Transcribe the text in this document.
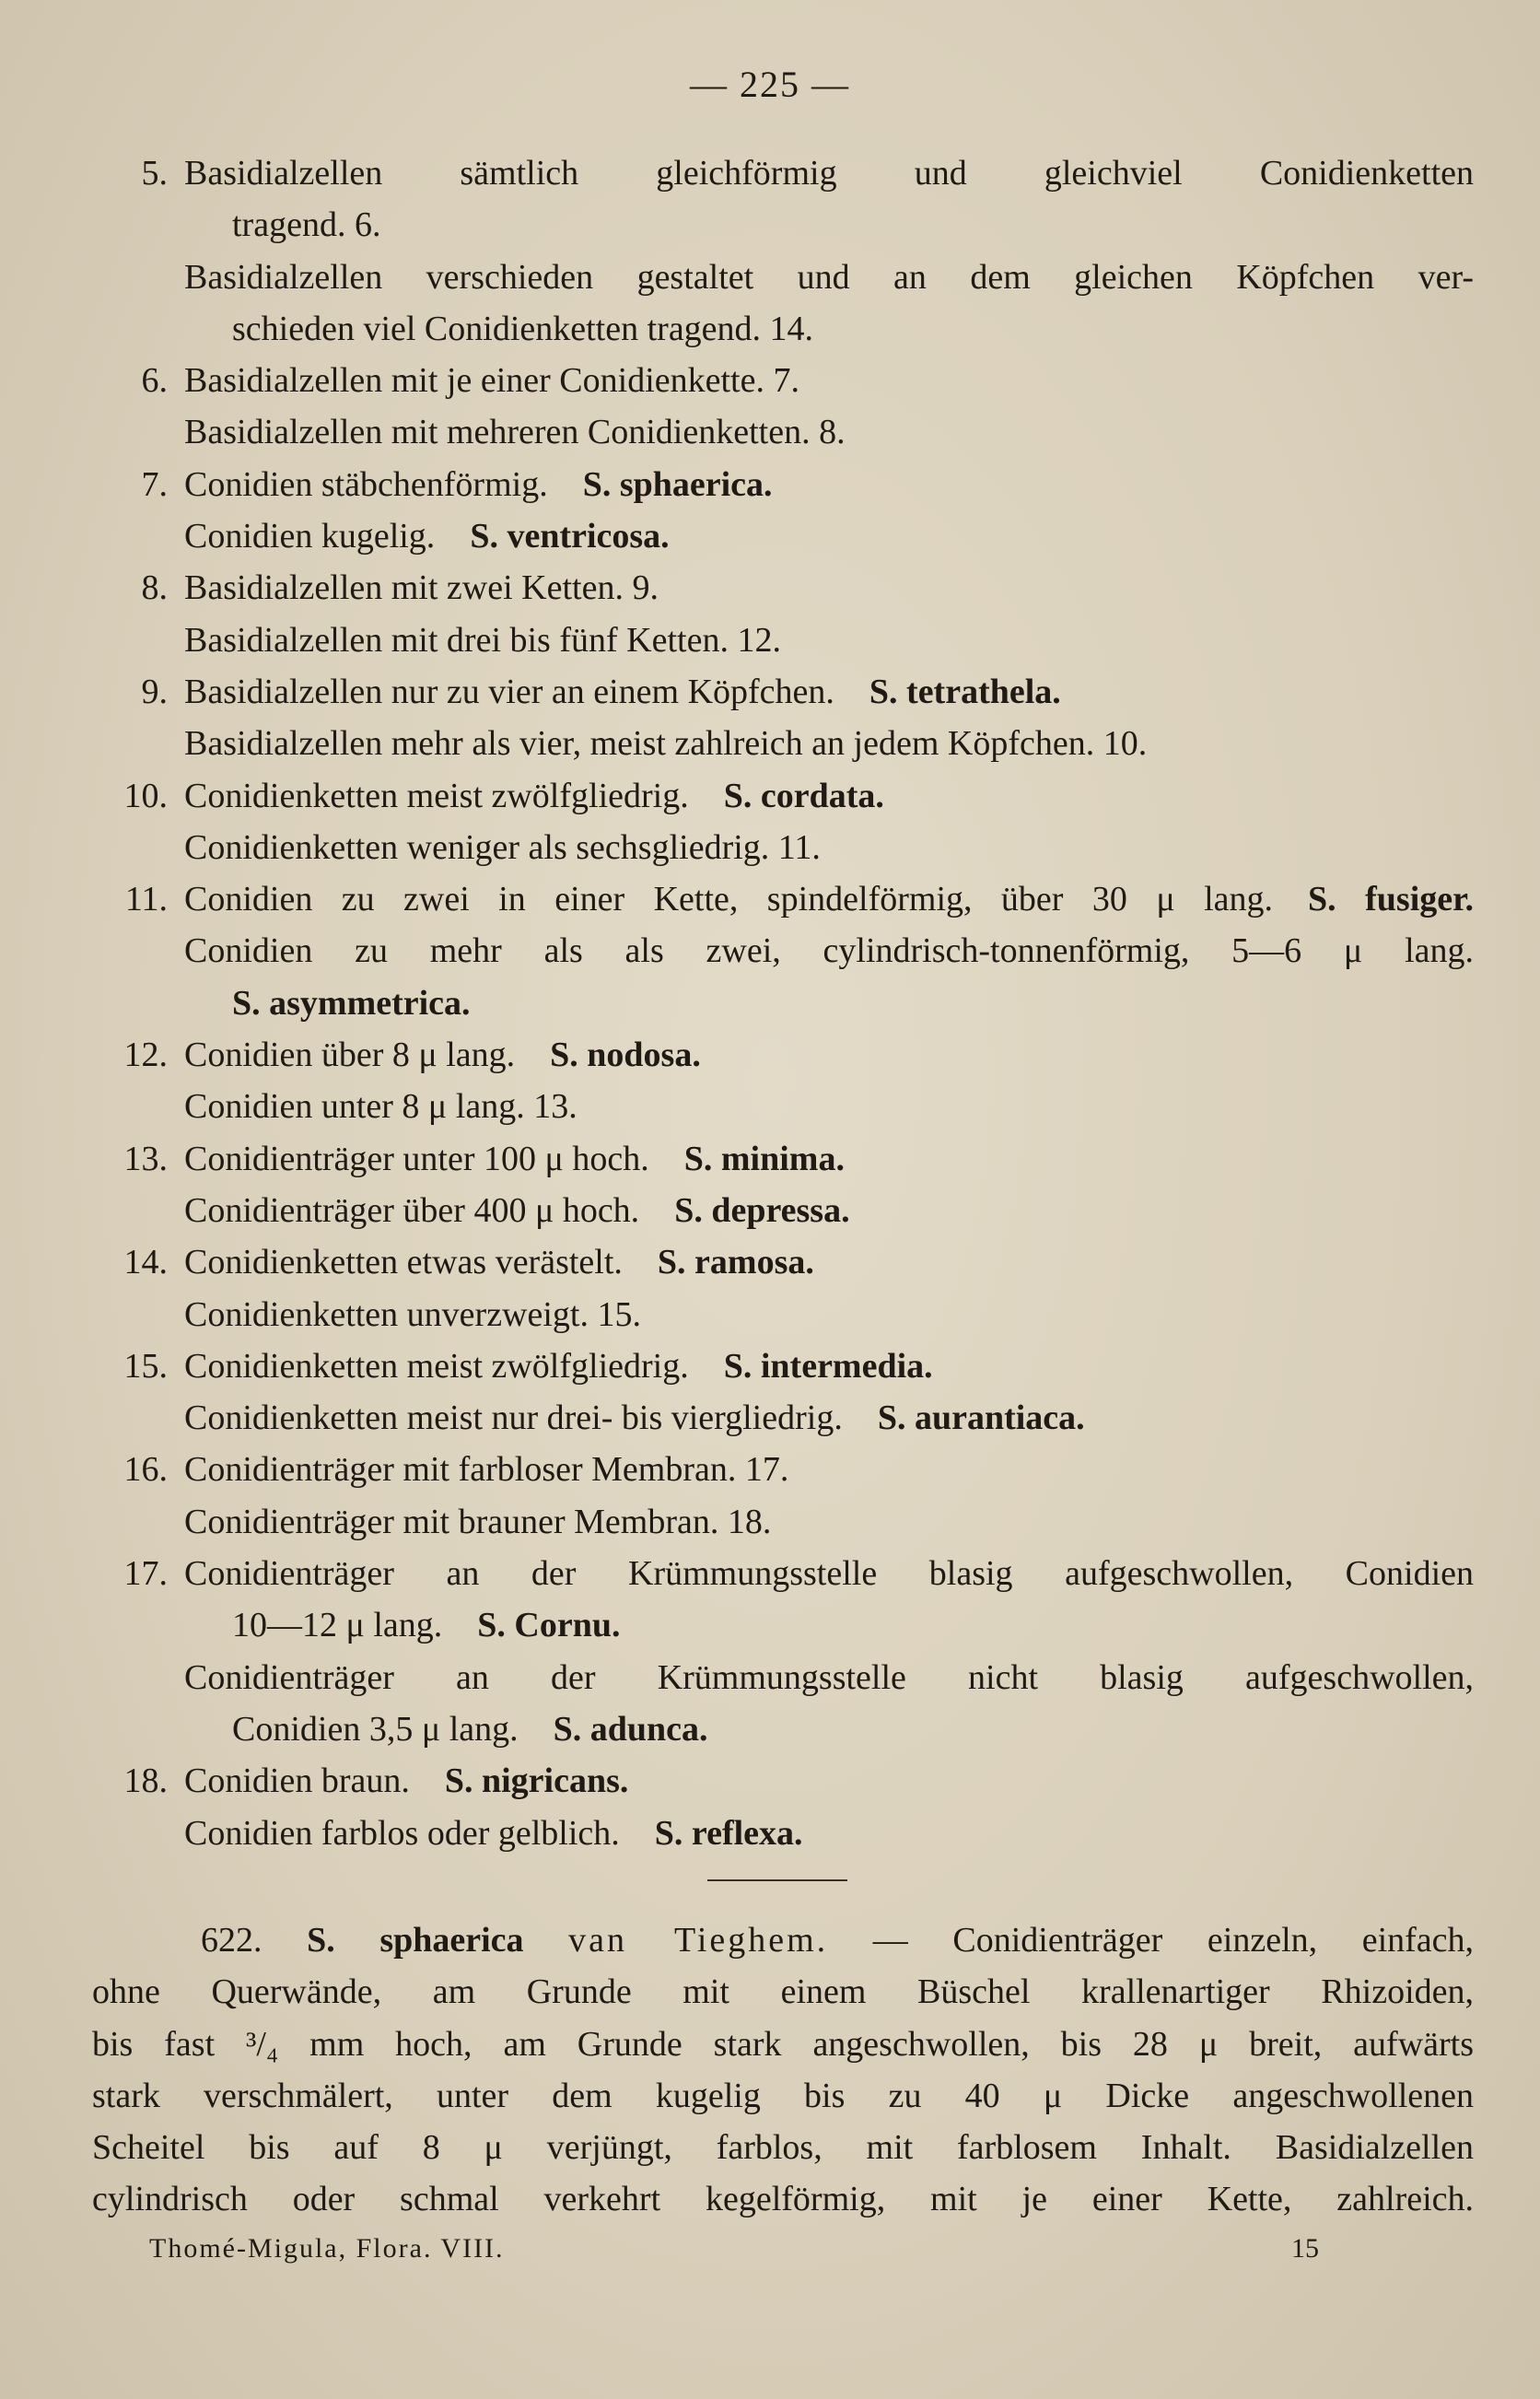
— 225 —
5. Basidialzellen sämtlich gleichförmig und gleichviel Conidienketten
tragend. 6.
Basidialzellen verschieden gestaltet und an dem gleichen Köpfchen ver-
schieden viel Conidienketten tragend. 14.
6. Basidialzellen mit je einer Conidienkette. 7.
Basidialzellen mit mehreren Conidienketten. 8.
7. Conidien stäbchenförmig.  S. sphaerica.
Conidien kugelig.  S. ventricosa.
8. Basidialzellen mit zwei Ketten. 9.
Basidialzellen mit drei bis fünf Ketten. 12.
9. Basidialzellen nur zu vier an einem Köpfchen.  S. tetrathela.
Basidialzellen mehr als vier, meist zahlreich an jedem Köpfchen. 10.
10. Conidienketten meist zwölfgliedrig.  S. cordata.
Conidienketten weniger als sechsgliedrig. 11.
11. Conidien zu zwei in einer Kette, spindelförmig, über 30 μ lang.  S. fusiger.
Conidien zu mehr als als zwei, cylindrisch-tonnenförmig, 5—6 μ lang.
S. asymmetrica.
12. Conidien über 8 μ lang.  S. nodosa.
Conidien unter 8 μ lang. 13.
13. Conidienträger unter 100 μ hoch.  S. minima.
Conidienträger über 400 μ hoch.  S. depressa.
14. Conidienketten etwas verästelt.  S. ramosa.
Conidienketten unverzweigt. 15.
15. Conidienketten meist zwölfgliedrig.  S. intermedia.
Conidienketten meist nur drei- bis viergliedrig.  S. aurantiaca.
16. Conidienträger mit farbloser Membran. 17.
Conidienträger mit brauner Membran. 18.
17. Conidienträger an der Krümmungsstelle blasig aufgeschwollen, Conidien
10—12 μ lang.  S. Cornu.
Conidienträger an der Krümmungsstelle nicht blasig aufgeschwollen,
Conidien 3,5 μ lang.  S. adunca.
18. Conidien braun.  S. nigricans.
Conidien farblos oder gelblich.  S. reflexa.
622. S. sphaerica van Tieghem. — Conidienträger einzeln, einfach,
ohne Querwände, am Grunde mit einem Büschel krallenartiger Rhizoiden,
bis fast ³/₄ mm hoch, am Grunde stark angeschwollen, bis 28 μ breit, aufwärts
stark verschmälert, unter dem kugelig bis zu 40 μ Dicke angeschwollenen
Scheitel bis auf 8 μ verjüngt, farblos, mit farblosem Inhalt. Basidialzellen
cylindrisch oder schmal verkehrt kegelförmig, mit je einer Kette, zahlreich.
Thomé-Migula, Flora. VIII.	15
